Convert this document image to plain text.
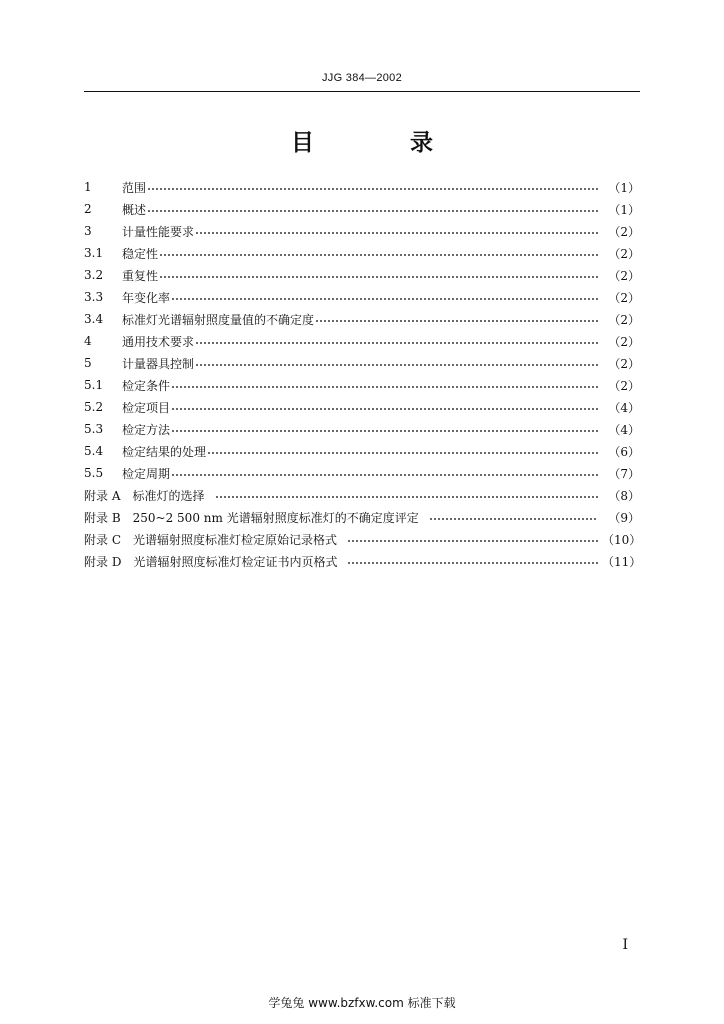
JJG 384—2002
目 录
1	范围	（1）
2	概述	（1）
3	计量性能要求	（2）
3.1	稳定性	（2）
3.2	重复性	（2）
3.3	年变化率	（2）
3.4	标准灯光谱辐射照度量值的不确定度	（2）
4	通用技术要求	（2）
5	计量器具控制	（2）
5.1	检定条件	（2）
5.2	检定项目	（4）
5.3	检定方法	（4）
5.4	检定结果的处理	（6）
5.5	检定周期	（7）
附录 A 标准灯的选择	（8）
附录 B 250~2 500 nm 光谱辐射照度标准灯的不确定度评定	（9）
附录 C 光谱辐射照度标准灯检定原始记录格式	（10）
附录 D 光谱辐射照度标准灯检定证书内页格式	（11）
I
学兔兔 www.bzfxw.com 标准下载
